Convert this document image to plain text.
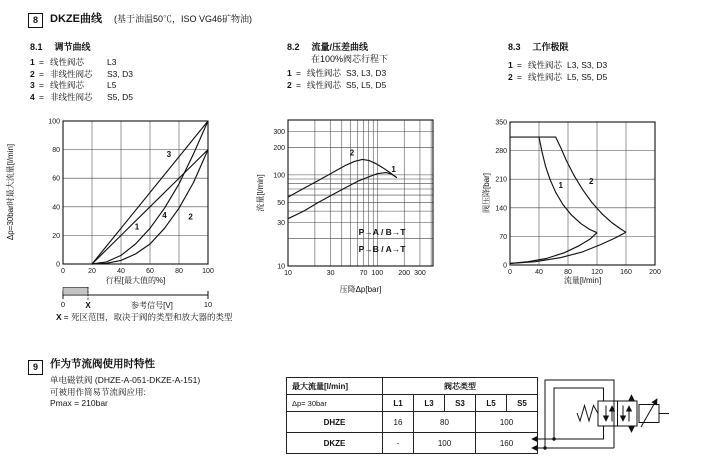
8	DKZE曲线 (基于油温50℃，ISO VG46矿物油)
8.1 调节曲线
1 = 线性阀芯	L3
2 = 非线性阀芯 S3, D3
3 = 线性阀芯	L5
4 = 非线性阀芯 S5, D5
8.2 流量/压差曲线
在100%阀芯行程下
1 = 线性阀芯 S3, L3, D3
2 = 线性阀芯 S5, L5, D5
8.3 工作极限
1 = 线性阀芯 L3, S3, D3
2 = 线性阀芯 L5, S5, D5
1
2
3
4
0	20	40	60	80	100
0
20
40
60
80
100
行程[最大值的%]
Δp=30bar时最大流量[l/min]	1
2
P→A / B→T
P→B / A→T
10	30	70 100 200 300
10
30
50
100
200
300
压降Δp[bar]
流量[l/min]	1	2
0	40	80	120 160 200
0
70
140
210
280
350
流量[l/min]
阀压降[bar]
0	10
X	参考信号[V]
X = 死区范围，取决于阀的类型和放大器的类型
9	作为节流阀使用时特性
单电磁铁阀 (DHZE-A-051-DKZE-A-151)
可被用作简易节流阀应用:
Pmax = 210bar
最大流量[l/min]	阀芯类型				
Δp= 30bar	L1	L3	S3	L5	S5
DHZE	16	80		100	
DKZE	-	100		160	
